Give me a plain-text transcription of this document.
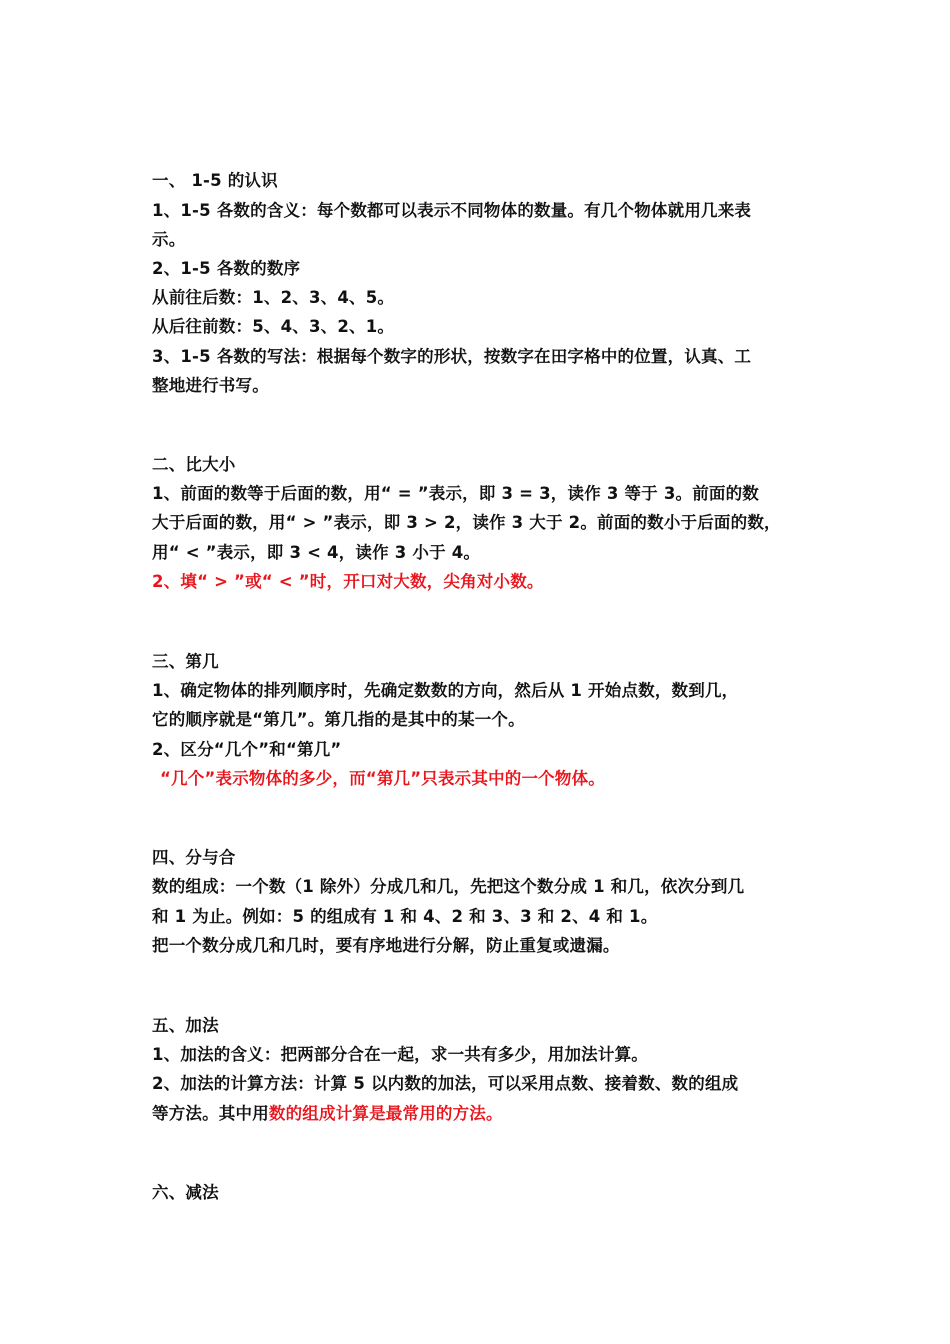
一、 1-5 的认识
1、1-5 各数的含义：每个数都可以表示不同物体的数量。有几个物体就用几来表
示。
2、1-5 各数的数序
从前往后数：1、2、3、4、5。
从后往前数：5、4、3、2、1。
3、1-5 各数的写法：根据每个数字的形状，按数字在田字格中的位置，认真、工
整地进行书写。
二、比大小
1、前面的数等于后面的数，用“ = ”表示，即 3 = 3，读作 3 等于 3。前面的数
大于后面的数，用“ > ”表示，即 3 > 2，读作 3 大于 2。前面的数小于后面的数，
用“ < ”表示，即 3 < 4，读作 3 小于 4。
2、填“ > ”或“ < ”时，开口对大数，尖角对小数。
三、第几
1、确定物体的排列顺序时，先确定数数的方向，然后从 1 开始点数，数到几，
它的顺序就是“第几”。第几指的是其中的某一个。
2、区分“几个”和“第几”
“几个”表示物体的多少，而“第几”只表示其中的一个物体。
四、分与合
数的组成：一个数（1 除外）分成几和几，先把这个数分成 1 和几，依次分到几
和 1 为止。例如：5 的组成有 1 和 4、2 和 3、3 和 2、4 和 1。
把一个数分成几和几时，要有序地进行分解，防止重复或遗漏。
五、加法
1、加法的含义：把两部分合在一起，求一共有多少，用加法计算。
2、加法的计算方法：计算 5 以内数的加法，可以采用点数、接着数、数的组成
等方法。其中用数的组成计算是最常用的方法。
六、减法
